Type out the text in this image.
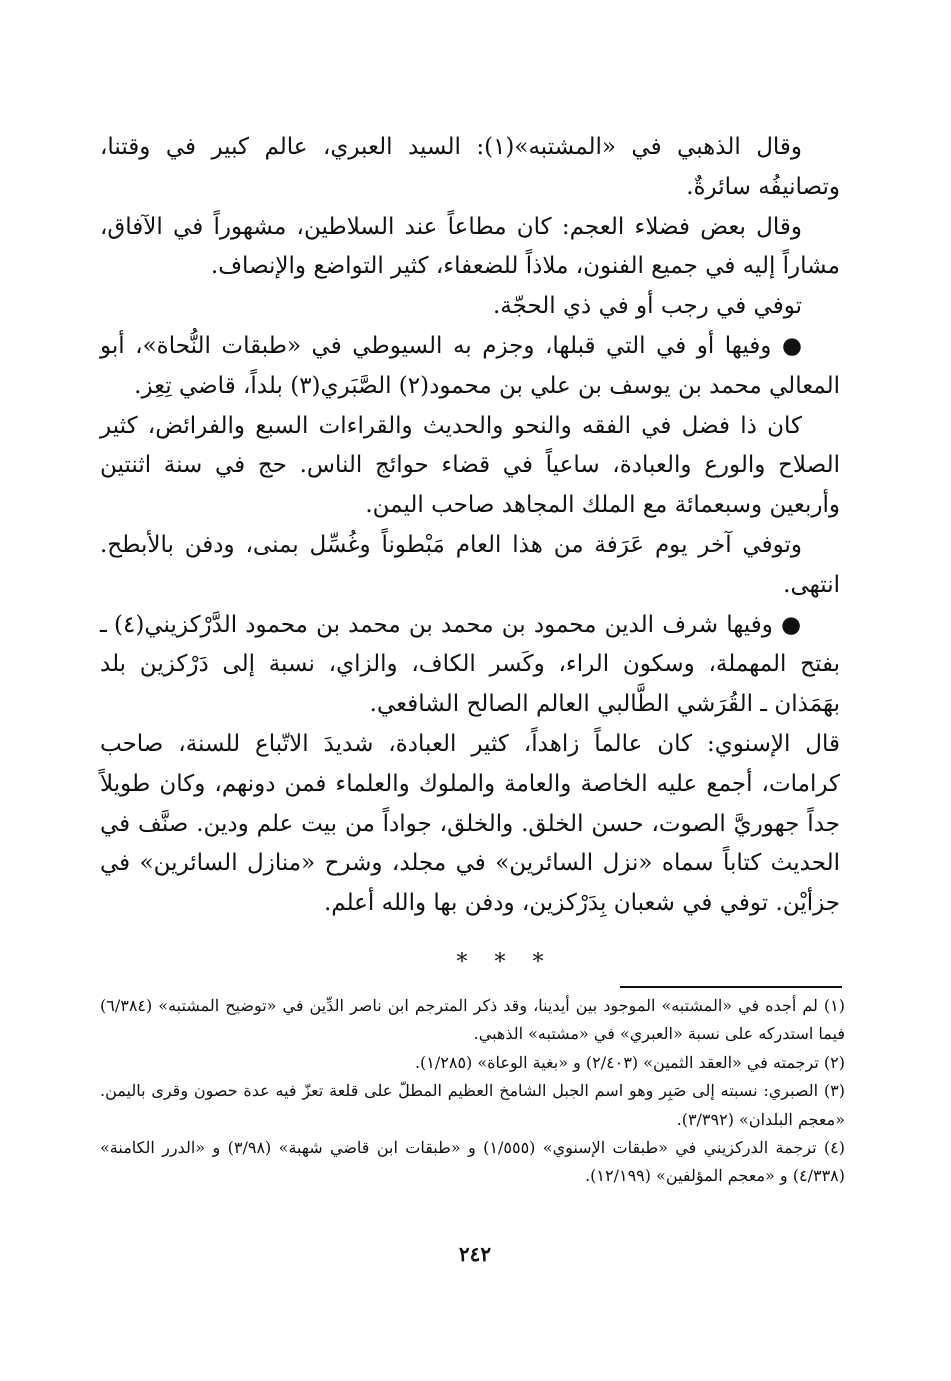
وقال الذهبي في «المشتبه»(١): السيد العبري، عالم كبير في وقتنا، وتصانيفُه سائرةٌ.

وقال بعض فضلاء العجم: كان مطاعاً عند السلاطين، مشهوراً في الآفاق، مشاراً إليه في جميع الفنون، ملاذاً للضعفاء، كثير التواضع والإنصاف.

توفي في رجب أو في ذي الحجّة.

● وفيها أو في التي قبلها، وجزم به السيوطي في «طبقات النُّحاة»، أبو المعالي محمد بن يوسف بن علي بن محمود(٢) الصَّبَري(٣) بلداً، قاضي تِعِز.

كان ذا فضل في الفقه والنحو والحديث والقراءات السبع والفرائض، كثير الصلاح والورع والعبادة، ساعياً في قضاء حوائج الناس. حج في سنة اثنتين وأربعين وسبعمائة مع الملك المجاهد صاحب اليمن.

وتوفي آخر يوم عَرَفة من هذا العام مَبْطوناً وغُسِّل بمنى، ودفن بالأبطح. انتهى.

● وفيها شرف الدين محمود بن محمد بن محمد بن محمود الدَّرْكزيني(٤) ـ بفتح المهملة، وسكون الراء، وكَسر الكاف، والزاي، نسبة إلى دَرْكزين بلد بهَمَذان ـ القُرَشي الطَّالبي العالم الصالح الشافعي.

قال الإسنوي: كان عالماً زاهداً، كثير العبادة، شديدَ الاتّباع للسنة، صاحب كرامات، أجمع عليه الخاصة والعامة والملوك والعلماء فمن دونهم، وكان طويلاً جداً جهوريَّ الصوت، حسن الخلق. والخلق، جواداً من بيت علم ودين. صنَّف في الحديث كتاباً سماه «نزل السائرين» في مجلد، وشرح «منازل السائرين» في جزأيْن. توفي في شعبان بِدَرْكزين، ودفن بها والله أعلم.

* * *

(١) لم أجده في «المشتبه» الموجود بين أيدينا، وقد ذكر المترجم ابن ناصر الدِّين في «توضيح المشتبه» (٦/٣٨٤) فيما استدركه على نسبة «العبري» في «مشتبه» الذهبي.

(٢) ترجمته في «العقد الثمين» (٢/٤٠٣) و «بغية الوعاة» (١/٢٨٥).

(٣) الصبري: نسبته إلى صَبِر وهو اسم الجبل الشامخ العظيم المطلّ على قلعة تعزّ فيه عدة حصون وقرى باليمن. «معجم البلدان» (٣/٣٩٢).

(٤) ترجمة الدركزيني في «طبقات الإسنوي» (١/٥٥٥) و «طبقات ابن قاضي شهبة» (٣/٩٨) و «الدرر الكامنة» (٤/٣٣٨) و «معجم المؤلفين» (١٢/١٩٩).

٢٤٢
